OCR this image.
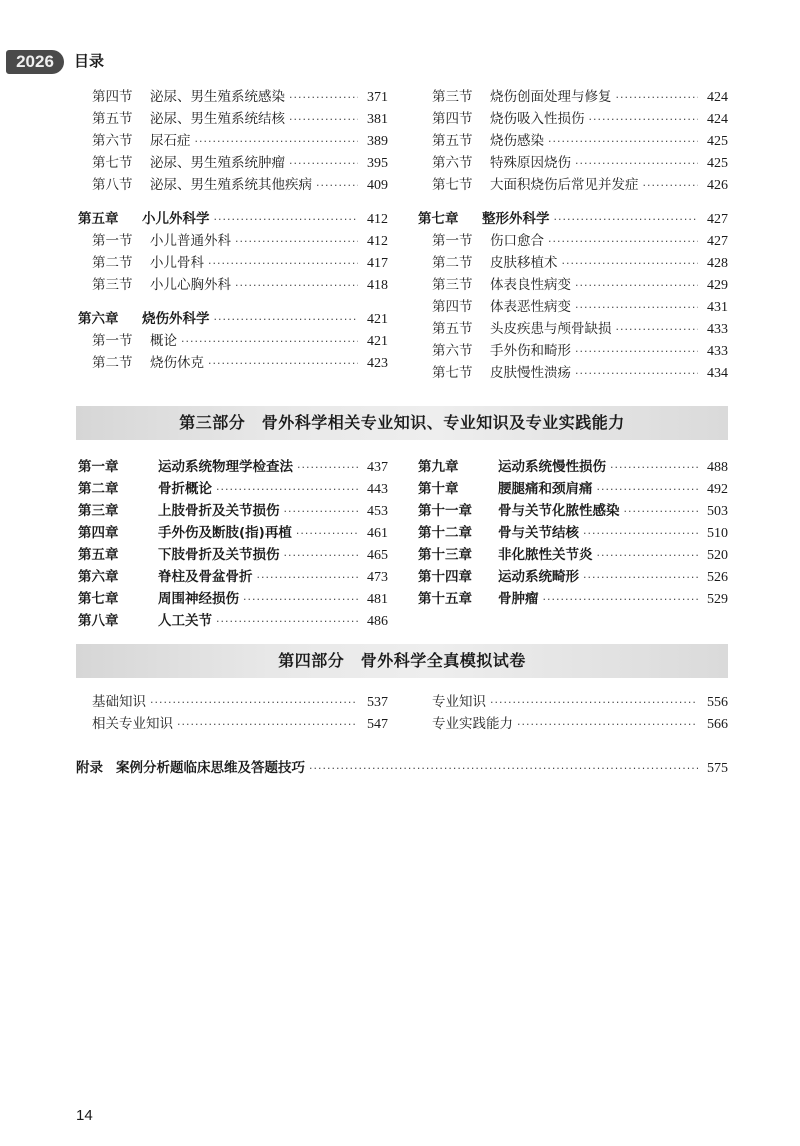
2026	目录
第四节	泌尿、男生殖系统感染 ·····	371
第五节	泌尿、男生殖系统结核 ·····	381
第六节	尿石症 ·····	389
第七节	泌尿、男生殖系统肿瘤 ·····	395
第八节	泌尿、男生殖系统其他疾病 ·····	409
第五章	小儿外科学 ·····	412
第一节	小儿普通外科 ·····	412
第二节	小儿骨科 ·····	417
第三节	小儿心胸外科 ·····	418
第六章	烧伤外科学 ·····	421
第一节	概论 ·····	421
第二节	烧伤休克 ·····	423
第三节	烧伤创面处理与修复 ·····	424
第四节	烧伤吸入性损伤 ·····	424
第五节	烧伤感染 ·····	425
第六节	特殊原因烧伤 ·····	425
第七节	大面积烧伤后常见并发症 ·····	426
第七章	整形外科学 ·····	427
第一节	伤口愈合 ·····	427
第二节	皮肤移植术 ·····	428
第三节	体表良性病变 ·····	429
第四节	体表恶性病变 ·····	431
第五节	头皮疾患与颅骨缺损 ·····	433
第六节	手外伤和畸形 ·····	433
第七节	皮肤慢性溃疡 ·····	434
第三部分　骨外科学相关专业知识、专业知识及专业实践能力
第一章	运动系统物理学检查法 ·····	437
第二章	骨折概论 ·····	443
第三章	上肢骨折及关节损伤 ·····	453
第四章	手外伤及断肢(指)再植 ·····	461
第五章	下肢骨折及关节损伤 ·····	465
第六章	脊柱及骨盆骨折 ·····	473
第七章	周围神经损伤 ·····	481
第八章	人工关节 ·····	486
第九章	运动系统慢性损伤 ·····	488
第十章	腰腿痛和颈肩痛 ·····	492
第十一章	骨与关节化脓性感染 ·····	503
第十二章	骨与关节结核 ·····	510
第十三章	非化脓性关节炎 ·····	520
第十四章	运动系统畸形 ·····	526
第十五章	骨肿瘤 ·····	529
第四部分　骨外科学全真模拟试卷
基础知识 ·····	537
相关专业知识 ·····	547
专业知识 ·····	556
专业实践能力 ·····	566
附录 案例分析题临床思维及答题技巧 ·····	575
14
